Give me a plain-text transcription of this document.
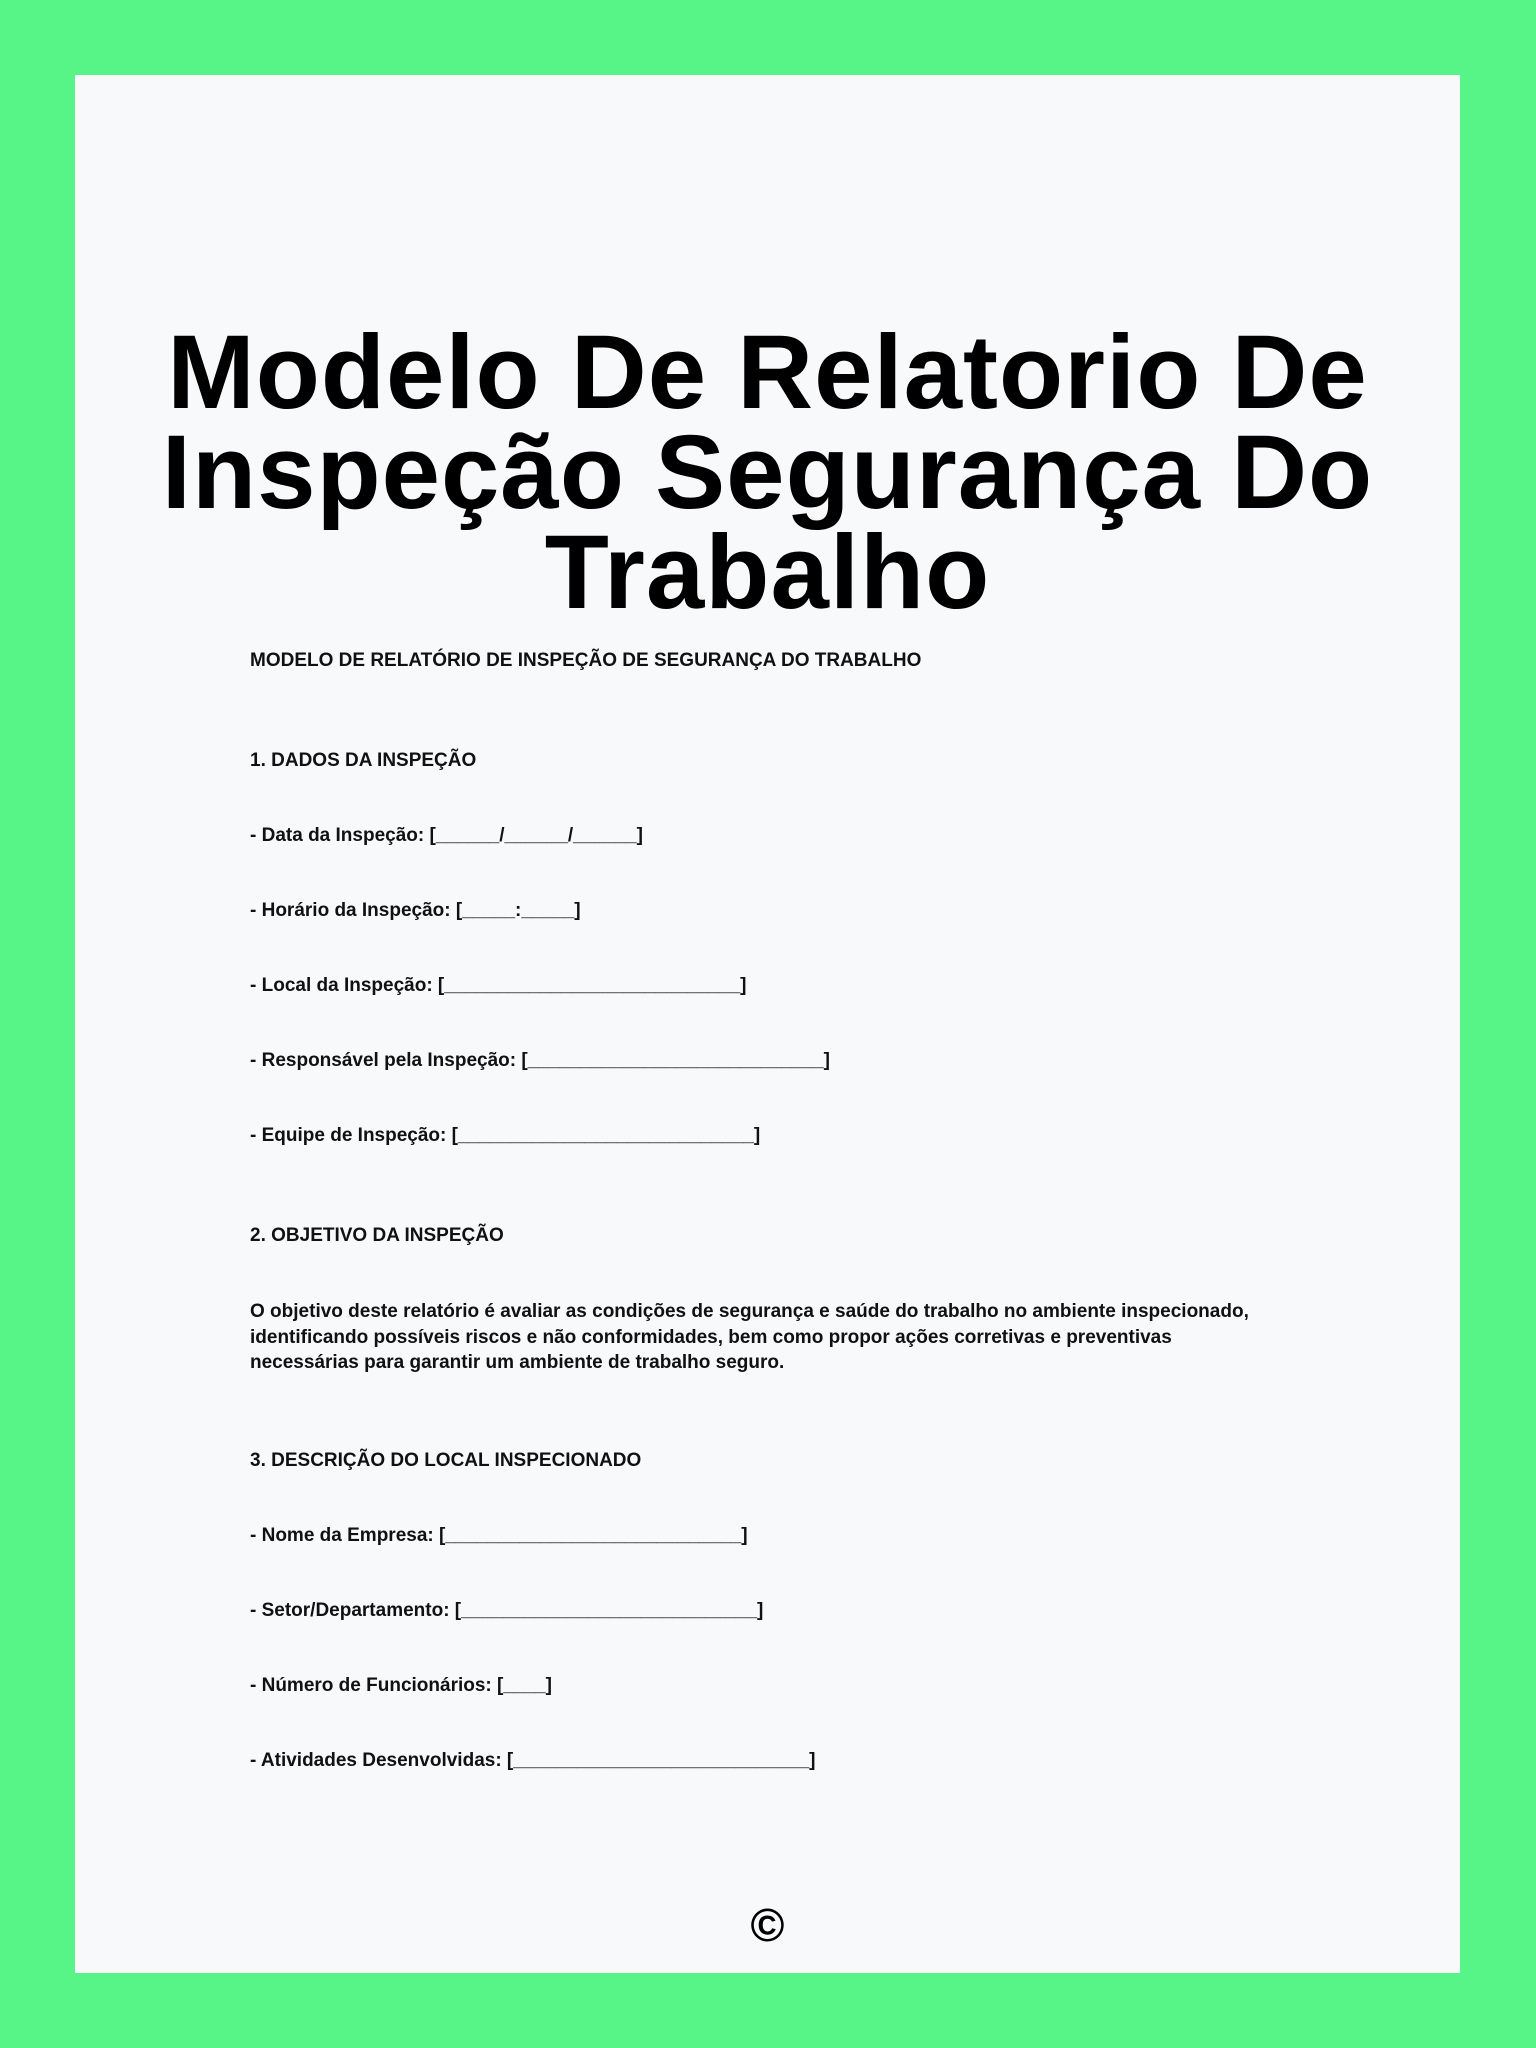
Modelo De Relatorio De Inspeção Segurança Do Trabalho
MODELO DE RELATÓRIO DE INSPEÇÃO DE SEGURANÇA DO TRABALHO
1. DADOS DA INSPEÇÃO
- Data da Inspeção: [______/______/______]
- Horário da Inspeção: [_____:_____]
- Local da Inspeção: [____________________________]
- Responsável pela Inspeção: [____________________________]
- Equipe de Inspeção: [____________________________]
2. OBJETIVO DA INSPEÇÃO
O objetivo deste relatório é avaliar as condições de segurança e saúde do trabalho no ambiente inspecionado, identificando possíveis riscos e não conformidades, bem como propor ações corretivas e preventivas necessárias para garantir um ambiente de trabalho seguro.
3. DESCRIÇÃO DO LOCAL INSPECIONADO
- Nome da Empresa: [____________________________]
- Setor/Departamento: [____________________________]
- Número de Funcionários: [____]
- Atividades Desenvolvidas: [____________________________]
©
